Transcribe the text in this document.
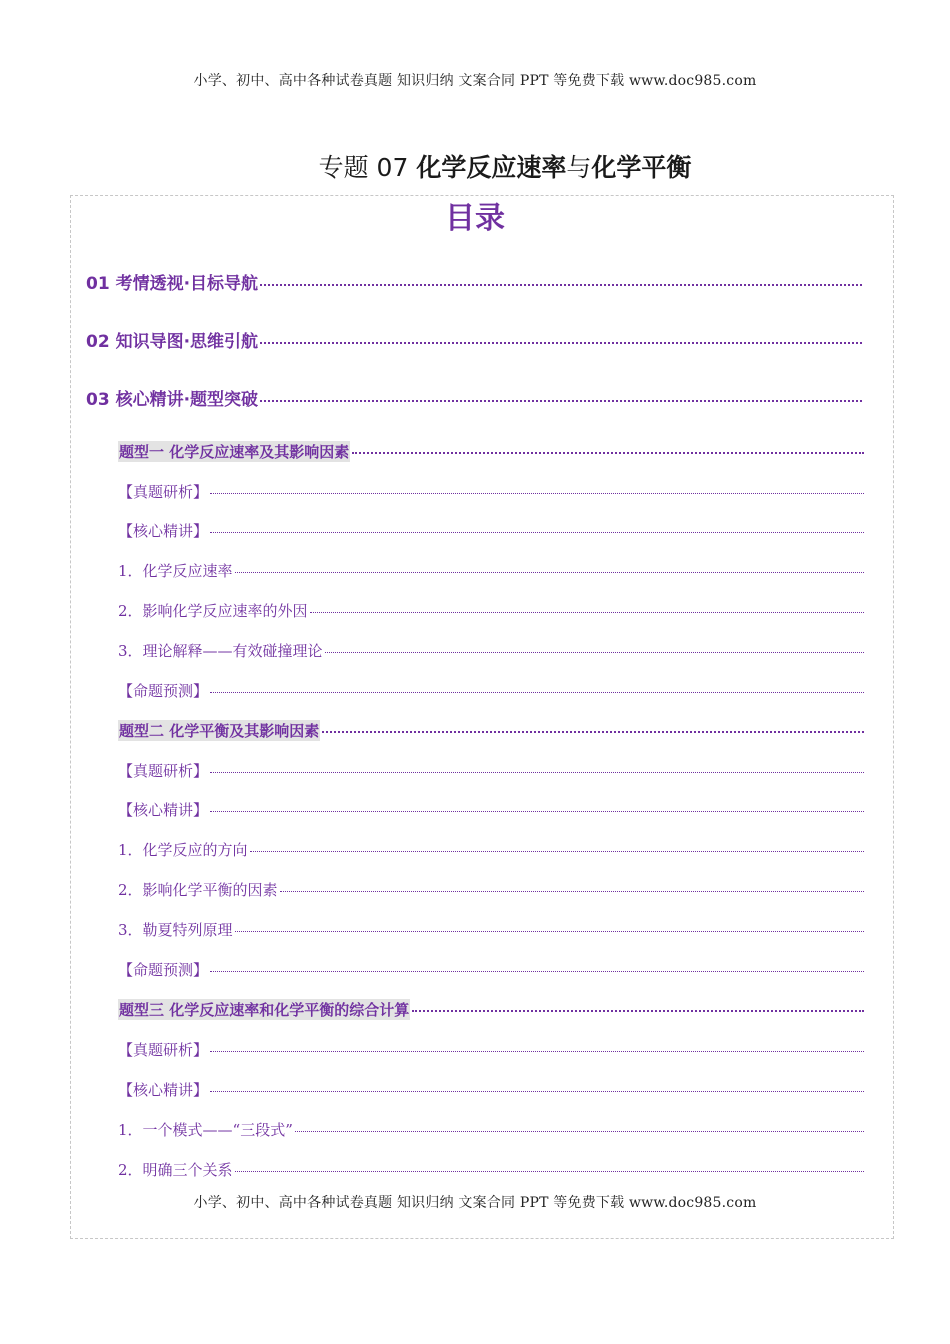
小学、初中、高中各种试卷真题 知识归纳 文案合同 PPT 等免费下载 www.doc985.com
专题 07 化学反应速率与化学平衡
目录
01 考情透视·目标导航
02 知识导图·思维引航
03 核心精讲·题型突破
题型一 化学反应速率及其影响因素
【真题研析】
【核心精讲】
1．化学反应速率
2．影响化学反应速率的外因
3．理论解释——有效碰撞理论
【命题预测】
题型二 化学平衡及其影响因素
【真题研析】
【核心精讲】
1．化学反应的方向
2．影响化学平衡的因素
3．勒夏特列原理
【命题预测】
题型三 化学反应速率和化学平衡的综合计算
【真题研析】
【核心精讲】
1．一个模式——“三段式”
2．明确三个关系
小学、初中、高中各种试卷真题 知识归纳 文案合同 PPT 等免费下载 www.doc985.com
